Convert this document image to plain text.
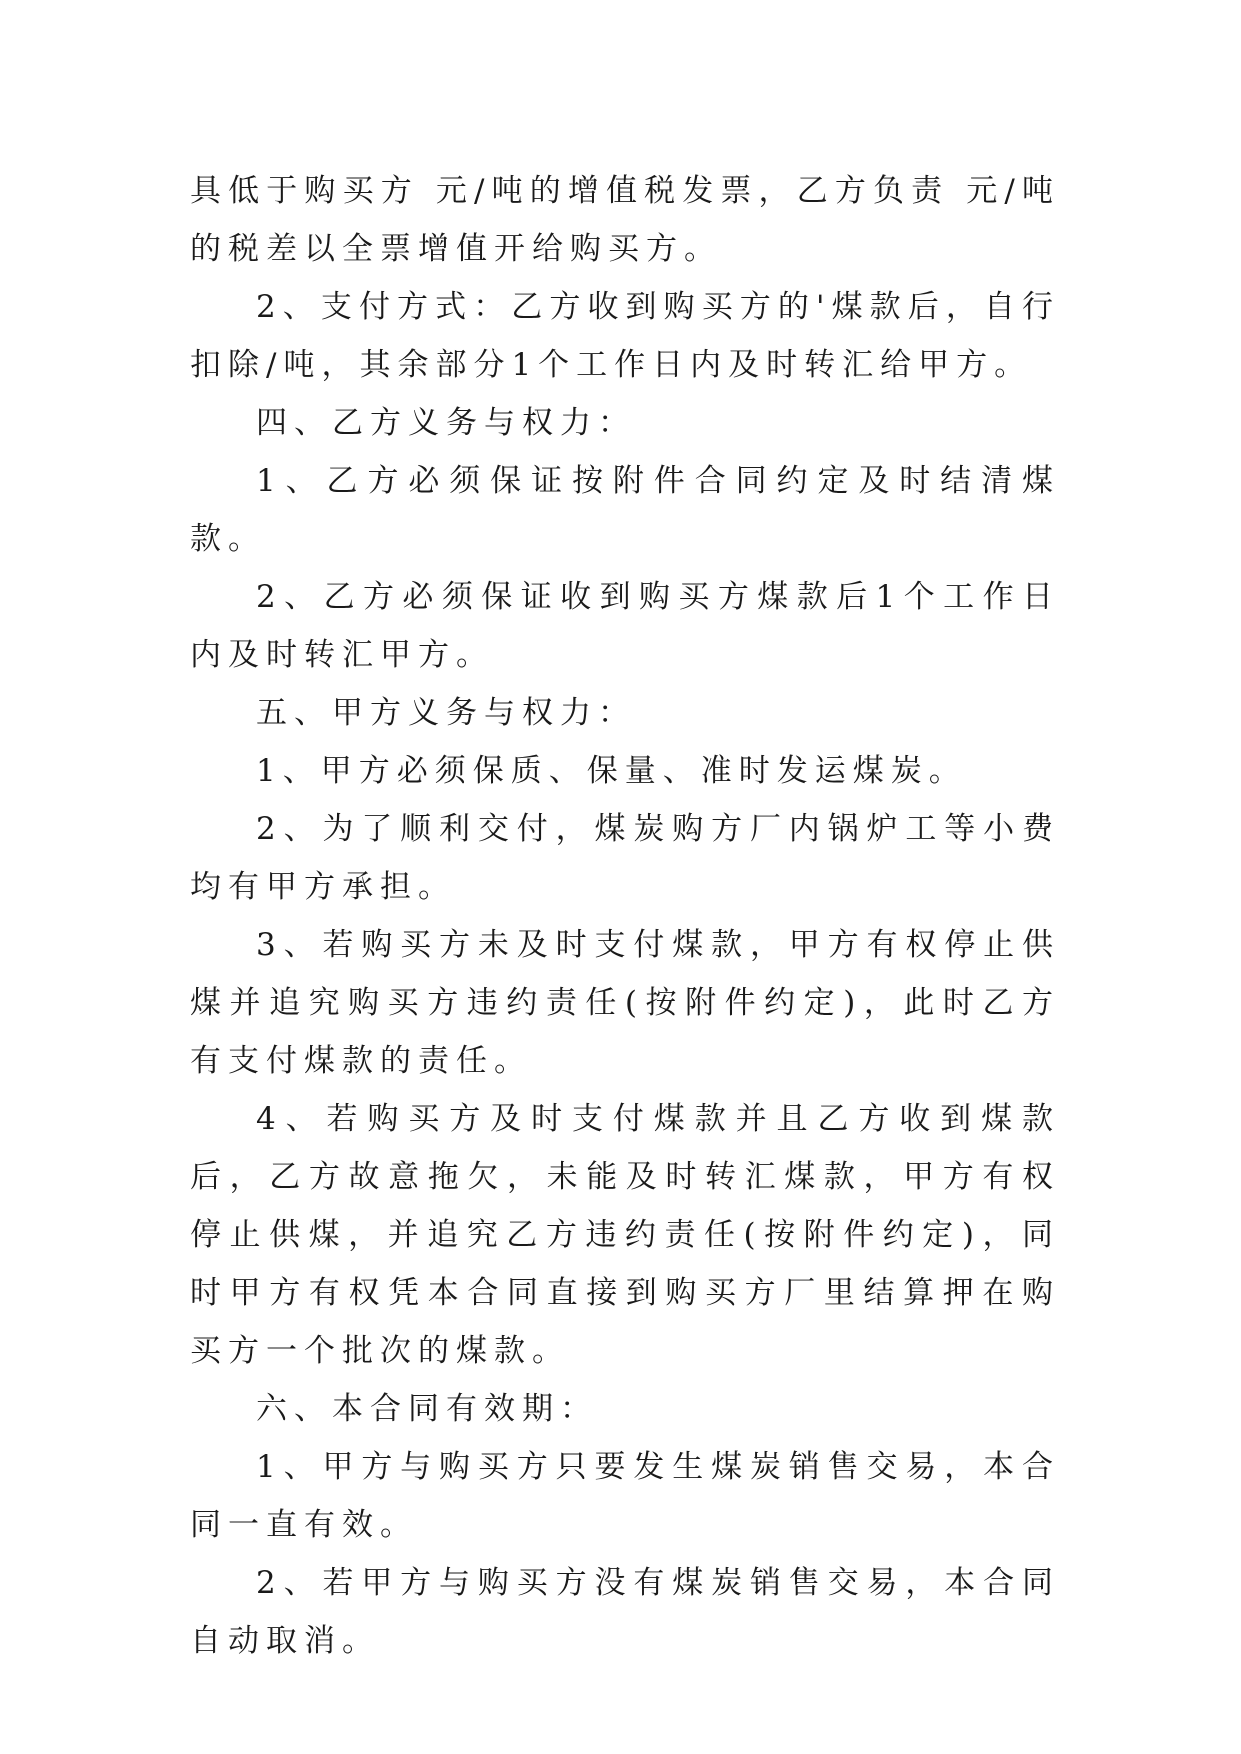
具低于购买方 元/吨的增值税发票，乙方负责 元/吨的税差以全票增值开给购买方。

2、支付方式：乙方收到购买方的'煤款后，自行扣除/吨，其余部分1个工作日内及时转汇给甲方。

四、乙方义务与权力：

1、乙方必须保证按附件合同约定及时结清煤款。

2、乙方必须保证收到购买方煤款后1个工作日内及时转汇甲方。

五、甲方义务与权力：

1、甲方必须保质、保量、准时发运煤炭。

2、为了顺利交付，煤炭购方厂内锅炉工等小费均有甲方承担。

3、若购买方未及时支付煤款，甲方有权停止供煤并追究购买方违约责任(按附件约定)，此时乙方有支付煤款的责任。

4、若购买方及时支付煤款并且乙方收到煤款后，乙方故意拖欠，未能及时转汇煤款，甲方有权停止供煤，并追究乙方违约责任(按附件约定)，同时甲方有权凭本合同直接到购买方厂里结算押在购买方一个批次的煤款。

六、本合同有效期：

1、甲方与购买方只要发生煤炭销售交易，本合同一直有效。

2、若甲方与购买方没有煤炭销售交易，本合同自动取消。
